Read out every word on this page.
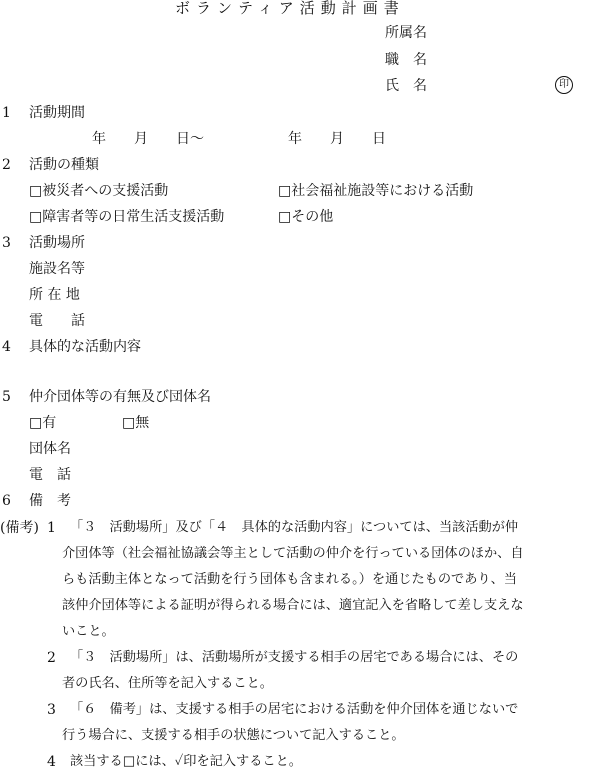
ボランティア活動計画書
所属名
職　名
氏　名	印
1 活動期間
年　　月　　日～　　　　　　年　　月　　日
2 活動の種類
□被災者への支援活動	□社会福祉施設等における活動
□障害者等の日常生活支援活動	□その他
3 活動場所
施設名等
所 在 地
電　　話
4 具体的な活動内容
5 仲介団体等の有無及び団体名
□有	□無
団体名
電　話
6 備　考
(備考) 1 「３　活動場所」及び「４　具体的な活動内容」については、当該活動が仲
介団体等（社会福祉協議会等主として活動の仲介を行っている団体のほか、自
らも活動主体となって活動を行う団体も含まれる。）を通じたものであり、当
該仲介団体等による証明が得られる場合には、適宜記入を省略して差し支えな
いこと。
2 「３　活動場所」は、活動場所が支援する相手の居宅である場合には、その
者の氏名、住所等を記入すること。
3 「６　備考」は、支援する相手の居宅における活動を仲介団体を通じないで
行う場合に、支援する相手の状態について記入すること。
4 該当する□には、✓印を記入すること。
